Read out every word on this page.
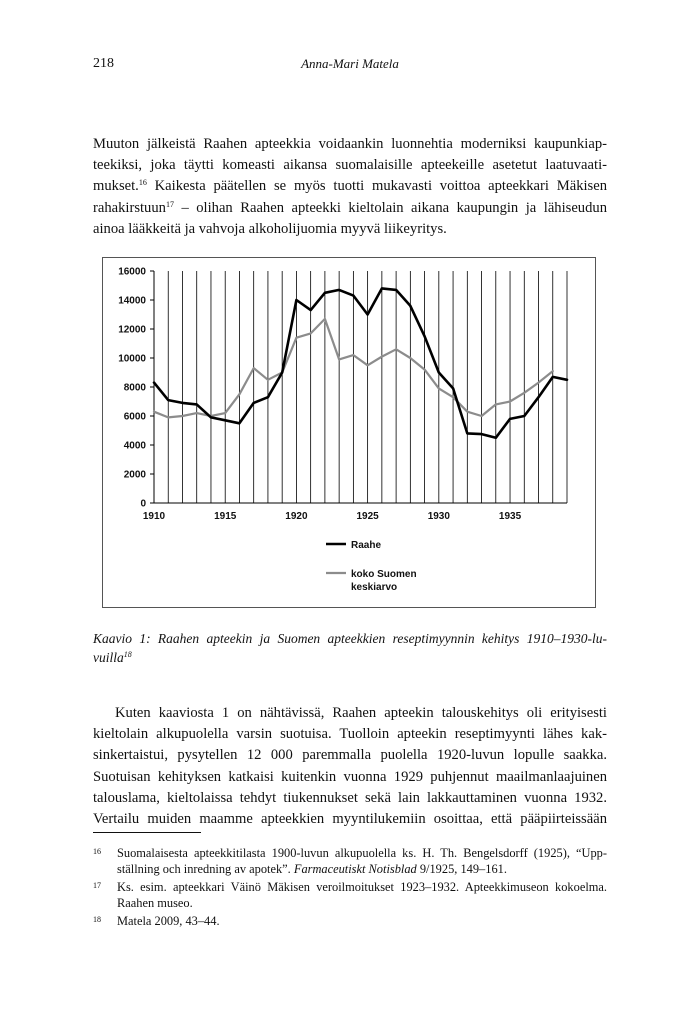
218	Anna-Mari Matela

Muuton jälkeistä Raahen apteekkia voidaankin luonnehtia moderniksi kaupunkiap-
teekiksi, joka täytti komeasti aikansa suomalaisille apteekeille asetetut laatuvaati-
mukset.$^{16}$ Kaikesta päätellen se myös tuotti mukavasti voittoa apteekkari Mäkisen
rahakirstuun$^{17}$ – olihan Raahen apteekki kieltolain aikana kaupungin ja lähiseudun
ainoa lääkkeitä ja vahvoja alkoholijuomia myyvä liikeyritys.

16000
14000
12000
10000
8000
6000
4000
2000
0
1910	1915	1920	1925	1930	1935
Raahe
koko Suomen
keskiarvo

Kaavio 1: Raahen apteekin ja Suomen apteekkien reseptimyynnin kehitys 1910–1930-lu-
vuilla$^{18}$

Kuten kaaviosta 1 on nähtävissä, Raahen apteekin talouskehitys oli erityisesti
kieltolain alkupuolella varsin suotuisa. Tuolloin apteekin reseptimyynti lähes kak-
sinkertaistui, pysytellen 12 000 paremmalla puolella 1920-luvun lopulle saakka.
Suotuisan kehityksen katkaisi kuitenkin vuonna 1929 puhjennut maailmanlaajuinen
talouslama, kieltolaissa tehdyt tiukennukset sekä lain lakkauttaminen vuonna 1932.
Vertailu muiden maamme apteekkien myyntilukemiin osoittaa, että pääpiirteissään

16 Suomalaisesta apteekkitilasta 1900-luvun alkupuolella ks. H. Th. Bengelsdorff (1925), “Upp-
ställning och inredning av apotek”. Farmaceutiskt Notisblad 9/1925, 149–161.
17 Ks. esim. apteekkari Väinö Mäkisen veroilmoitukset 1923–1932. Apteekkimuseon kokoelma.
Raahen museo.
18 Matela 2009, 43–44.
